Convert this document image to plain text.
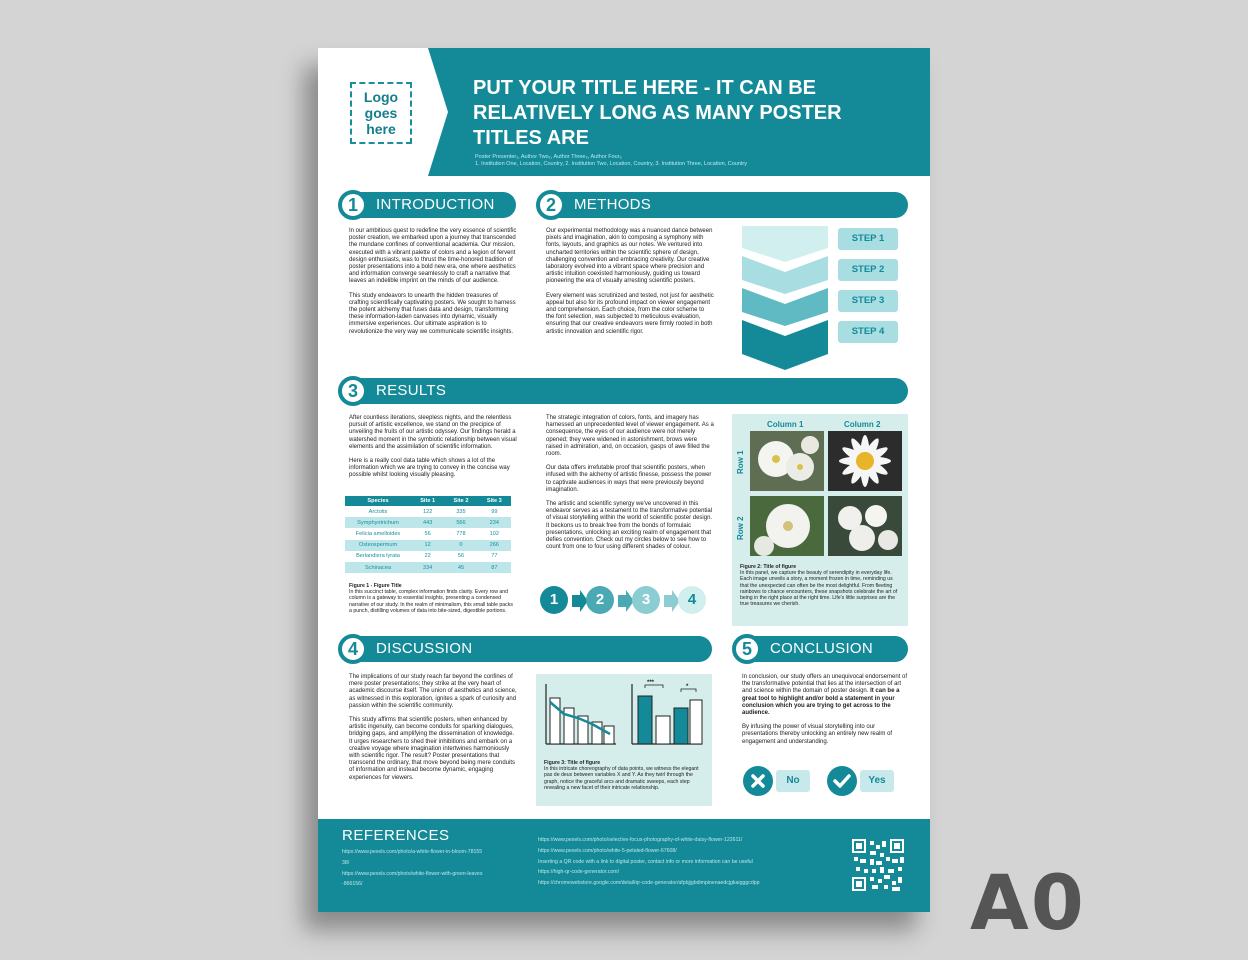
Logo
goes
here
PUT YOUR TITLE HERE - IT CAN BE RELATIVELY LONG AS MANY POSTER TITLES ARE
Poster Presenter₁, Author Two₂, Author Three₃, Author Four₃
1. Institution One, Location, Country, 2. Institution Two, Location, Country, 3. Institution Three, Location, Country
1	INTRODUCTION

In our ambitious quest to redefine the very essence of scientific poster creation, we embarked upon a journey that transcended the mundane confines of conventional academia. Our mission, executed with a vibrant palette of colors and a legion of fervent design enthusiasts, was to thrust the time-honored tradition of poster presentations into a bold new era, one where aesthetics and information converge seamlessly to craft a narrative that leaves an indelible imprint on the minds of our audience.

This study endeavors to unearth the hidden treasures of crafting scientifically captivating posters. We sought to harness the potent alchemy that fuses data and design, transforming these information-laden canvases into dynamic, visually immersive experiences. Our ultimate aspiration is to revolutionize the very way we communicate scientific insights.

2	METHODS

Our experimental methodology was a nuanced dance between pixels and imagination, akin to composing a symphony with fonts, layouts, and graphics as our notes. We ventured into uncharted territories within the scientific sphere of design, challenging convention and embracing creativity. Our creative laboratory evolved into a vibrant space where precision and artistic intuition coexisted harmoniously, guiding us toward pioneering the era of visually arresting scientific posters.

Every element was scrutinized and tested, not just for aesthetic appeal but also for its profound impact on viewer engagement and comprehension. Each choice, from the color scheme to the font selection, was subjected to meticulous evaluation, ensuring that our creative endeavors were firmly rooted in both artistic innovation and scientific rigor.

STEP 1
STEP 2
STEP 3
STEP 4
3	RESULTS

After countless iterations, sleepless nights, and the relentless pursuit of artistic excellence, we stand on the precipice of unveiling the fruits of our artistic odyssey. Our findings herald a watershed moment in the symbiotic relationship between visual elements and the assimilation of scientific information.

Here is a really cool data table which shows a lot of the information which we are trying to convey in the concise way possible whilst looking visually pleasing.

Species	Site 1	Site 2	Site 3
Arctotis	122	335	99
Symphyotrichum	443	566	234
Felicia amelloides	56	778	102
Osteospermum	12	0	266
Berlandiera lyrata	22	56	77
Schinacea	334	45	87
Figure 1 - Figure Title
In this succinct table, complex information finds clarity. Every row and column is a gateway to essential insights, presenting a condensed narrative of our study. In the realm of minimalism, this small table packs a punch, distilling volumes of data into bite-sized, digestible portions.

The strategic integration of colors, fonts, and imagery has harnessed an unprecedented level of viewer engagement. As a consequence, the eyes of our audience were not merely opened; they were widened in astonishment, brows were raised in admiration, and, on occasion, gasps of awe filled the room.

Our data offers irrefutable proof that scientific posters, when infused with the alchemy of artistic finesse, possess the power to captivate audiences in ways that were previously beyond imagination.

The artistic and scientific synergy we've uncovered in this endeavor serves as a testament to the transformative potential of visual storytelling within the world of scientific poster design. It beckons us to break free from the bonds of formulaic presentations, unlocking an exciting realm of engagement that defies convention. Check out my circles below to see how to count from one to four using different shades of colour.

1	2	3	4
Column 1	Column 2
Row 1
Row 2
Figure 2: Title of figure
In this panel, we capture the beauty of serendipity in everyday life. Each image unveils a story, a moment frozen in time, reminding us that the unexpected can often be the most delightful. From fleeting rainbows to chance encounters, these snapshots celebrate the art of being in the right place at the right time. Life's little surprises are the true treasures we cherish.
4	DISCUSSION

The implications of our study reach far beyond the confines of mere poster presentations; they strike at the very heart of academic discourse itself. The union of aesthetics and science, as witnessed in this exploration, ignites a spark of curiosity and passion within the scientific community.

This study affirms that scientific posters, when enhanced by artistic ingenuity, can become conduits for sparking dialogues, bridging gaps, and amplifying the dissemination of knowledge. It urges researchers to shed their inhibitions and embark on a creative voyage where imagination intertwines harmoniously with scientific rigor. The result? Poster presentations that transcend the ordinary, that move beyond being mere conduits of information and instead become dynamic, engaging experiences for viewers.

***
*
Figure 3: Title of figure
In this intricate choreography of data points, we witness the elegant pas de deux between variables X and Y. As they twirl through the graph, notice the graceful arcs and dramatic sweeps, each step revealing a new facet of their intricate relationship.
5	CONCLUSION

In conclusion, our study offers an unequivocal endorsement of the transformative potential that lies at the intersection of art and science within the domain of poster design. It can be a great tool to highlight and/or bold a statement in your conclusion which you are trying to get across to the audience.

By infusing the power of visual storytelling into our presentations thereby unlocking an entirely new realm of engagement and understanding.

No	Yes
REFERENCES
https://www.pexels.com/photo/a-white-flower-in-bloom-78155
38/
https://www.pexels.com/photo/white-flower-with-green-leaves
-866156/
https://www.pexels.com/photo/selective-focus-photography-of-white-daisy-flower-122611/
https://www.pexels.com/photo/white-5-petaled-flower-67608/
Inserting a QR code with a link to digital poster, contact info or more information can be useful
https://high-qr-code-generator.com/
https://chromewebstore.google.com/detail/qr-code-generator/afpbjjgbdimpioenaedcjgkaigggcdpp	A0
